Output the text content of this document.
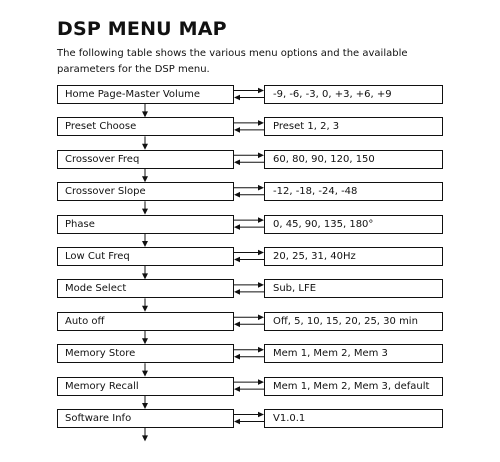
DSP MENU MAP

The following table shows the various menu options and the available parameters for the DSP menu.

Home Page-Master Volume	-9, -6, -3, 0, +3, +6, +9
Preset Choose	Preset 1, 2, 3
Crossover Freq	60, 80, 90, 120, 150
Crossover Slope	-12, -18, -24, -48
Phase	0, 45, 90, 135, 180°
Low Cut Freq	20, 25, 31, 40Hz
Mode Select	Sub, LFE
Auto off	Off, 5, 10, 15, 20, 25, 30 min
Memory Store	Mem 1, Mem 2, Mem 3
Memory Recall	Mem 1, Mem 2, Mem 3, default
Software Info	V1.0.1
